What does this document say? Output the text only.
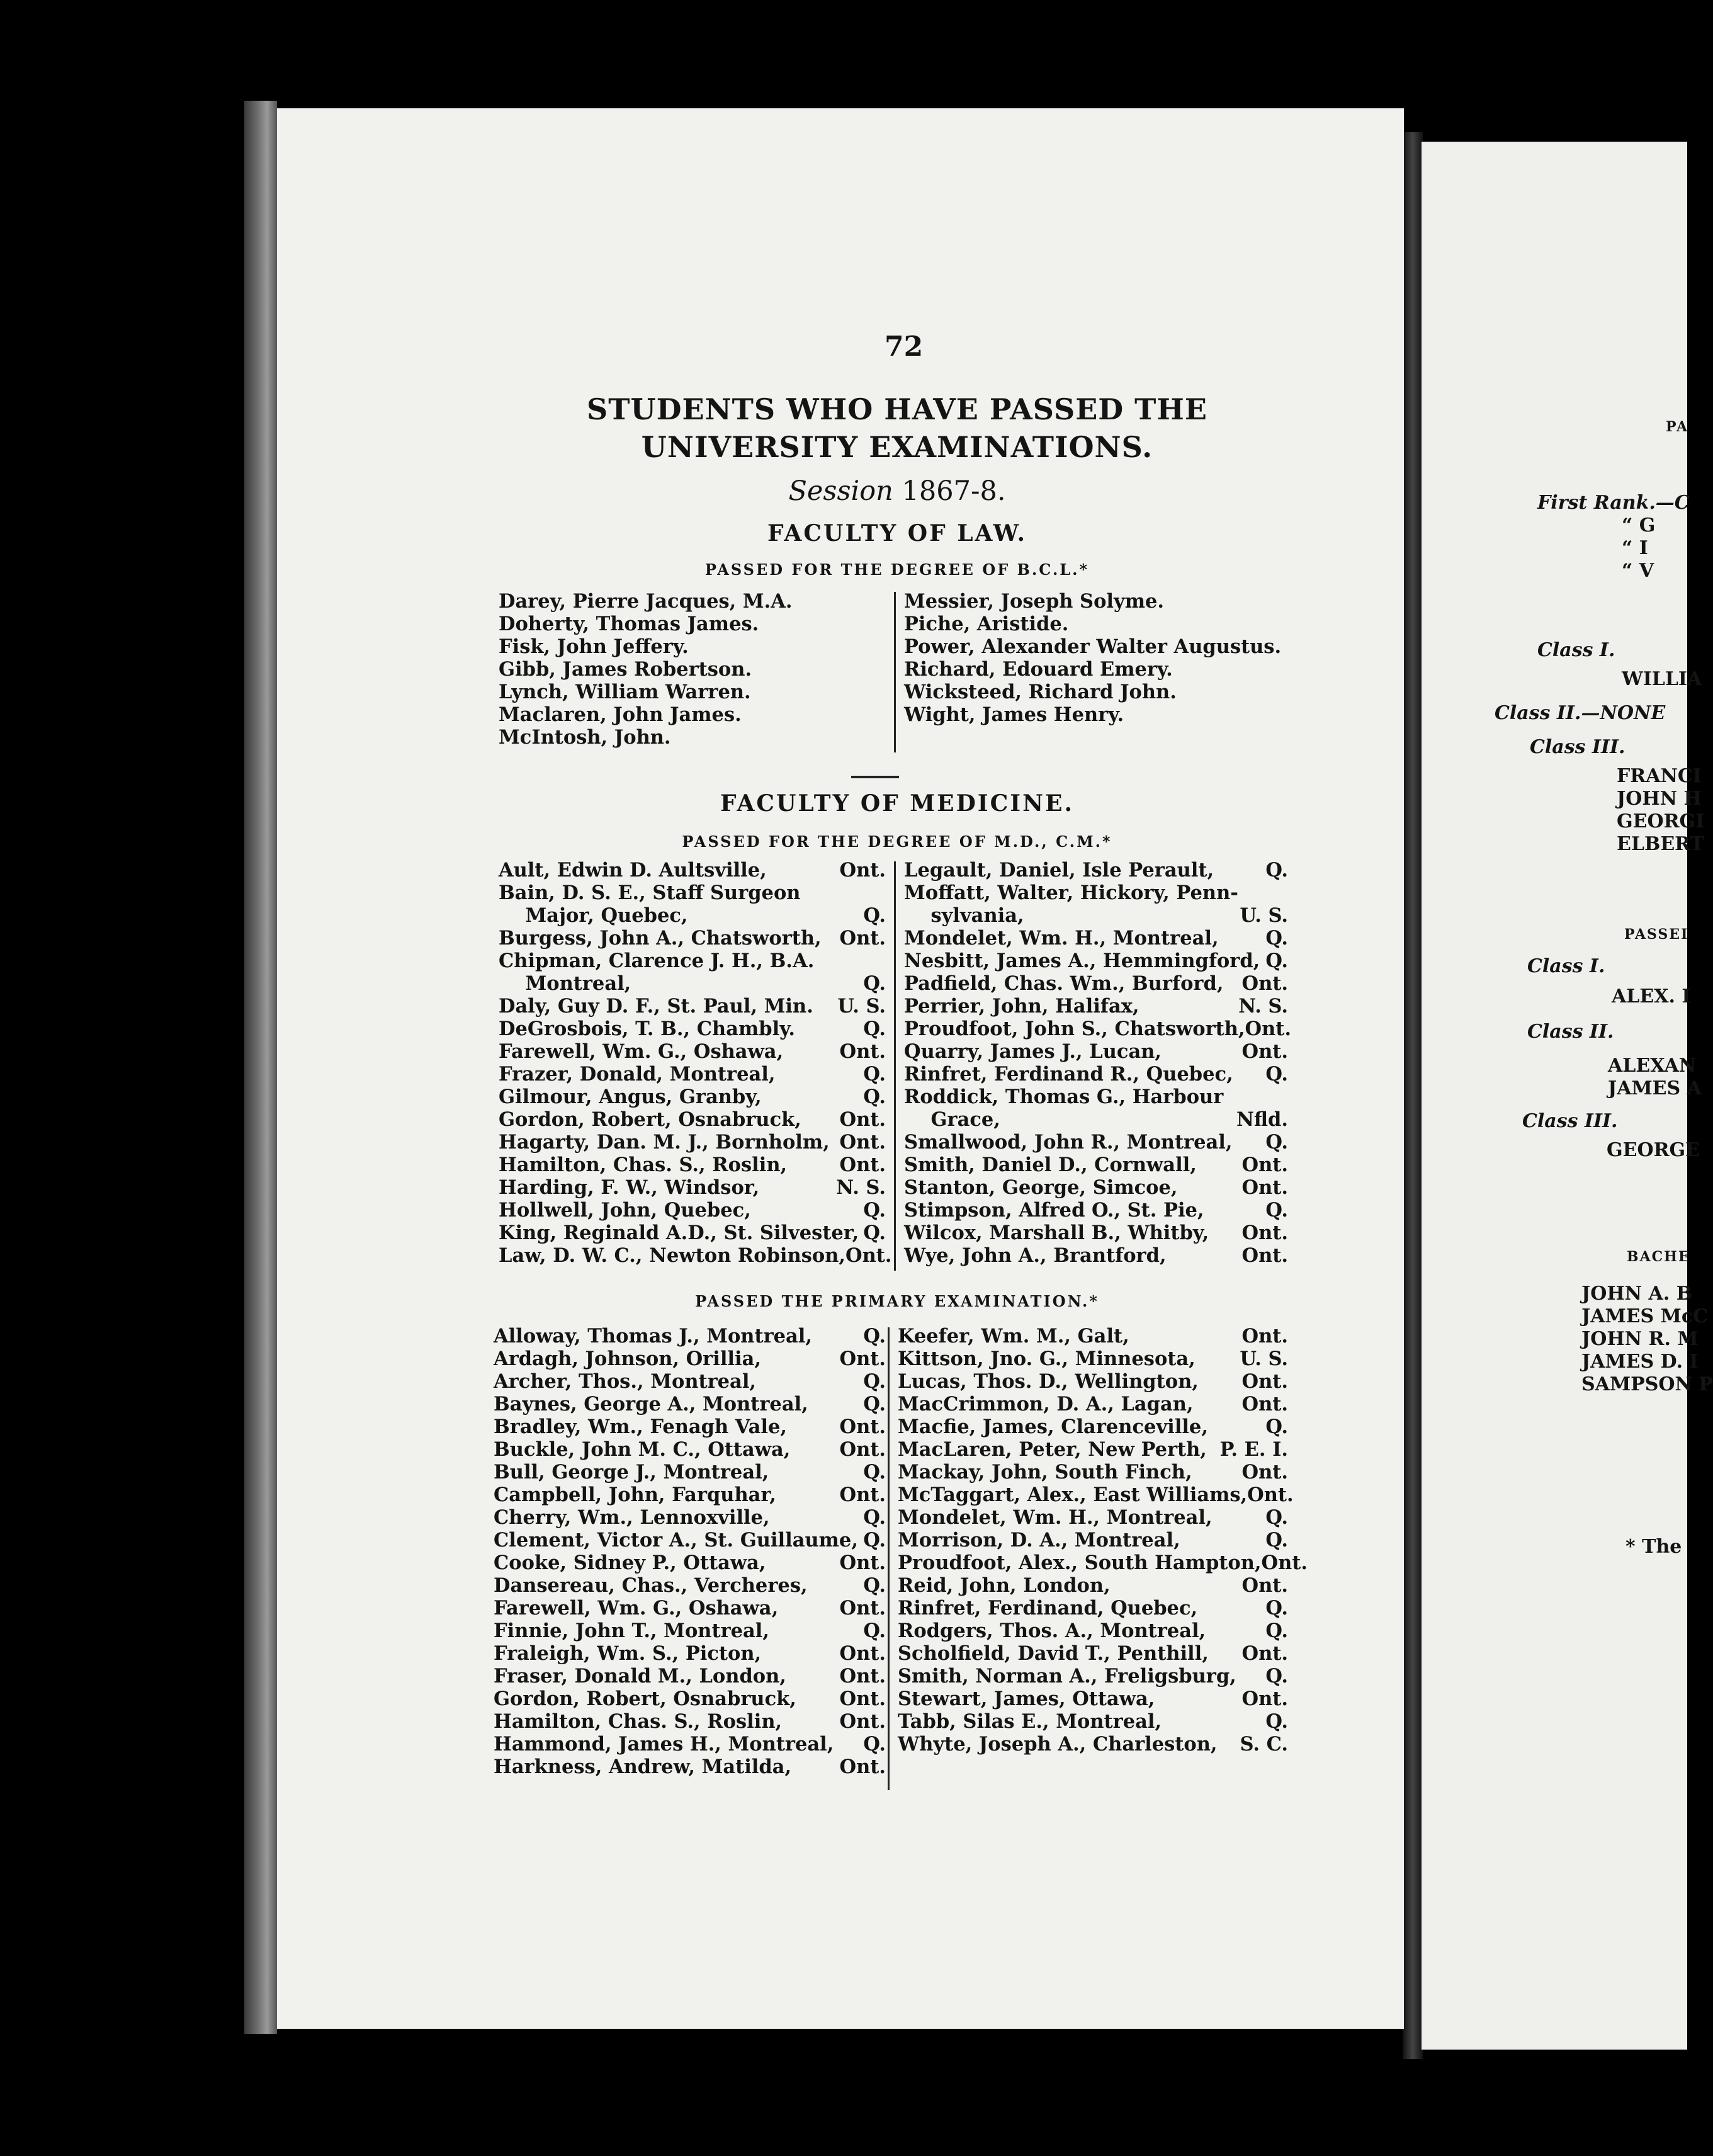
72
STUDENTS WHO HAVE PASSED THE UNIVERSITY EXAMINATIONS.
Session 1867-8.
FACULTY OF LAW.
PASSED FOR THE DEGREE OF B.C.L.*
Darey, Pierre Jacques, M.A.
Doherty, Thomas James.
Fisk, John Jeffery.
Gibb, James Robertson.
Lynch, William Warren.
Maclaren, John James.
McIntosh, John.
Messier, Joseph Solyme.
Piche, Aristide.
Power, Alexander Walter Augustus.
Richard, Edouard Emery.
Wicksteed, Richard John.
Wight, James Henry.
FACULTY OF MEDICINE.
PASSED FOR THE DEGREE OF M.D., C.M.*
Ault, Edwin D. Aultsville,	Ont.
Bain, D. S. E., Staff Surgeon
Major, Quebec,	Q.
Burgess, John A., Chatsworth, Ont.
Chipman, Clarence J. H., B.A.
Montreal,	Q.
Daly, Guy D. F., St. Paul, Min.	U. S.
DeGrosbois, T. B., Chambly.	Q.
Farewell, Wm. G., Oshawa,	Ont.
Frazer, Donald, Montreal,	Q.
Gilmour, Angus, Granby,	Q.
Gordon, Robert, Osnabruck,	Ont.
Hagarty, Dan. M. J., Bornholm, Ont.
Hamilton, Chas. S., Roslin,	Ont.
Harding, F. W., Windsor,	N. S.
Hollwell, John, Quebec,	Q.
King, Reginald A.D., St. Silvester, Q.
Law, D. W. C., Newton Robinson, Ont.
Legault, Daniel, Isle Perault,	Q.
Moffatt, Walter, Hickory, Penn-
sylvania,	U. S.
Mondelet, Wm. H., Montreal,	Q.
Nesbitt, James A., Hemmingford, Q.
Padfield, Chas. Wm., Burford, Ont.
Perrier, John, Halifax,	N. S.
Proudfoot, John S., Chatsworth, Ont.
Quarry, James J., Lucan,	Ont.
Rinfret, Ferdinand R., Quebec,	Q.
Roddick, Thomas G., Harbour
Grace,	Nfld.
Smallwood, John R., Montreal,	Q.
Smith, Daniel D., Cornwall,	Ont.
Stanton, George, Simcoe,	Ont.
Stimpson, Alfred O., St. Pie,	Q.
Wilcox, Marshall B., Whitby,	Ont.
Wye, John A., Brantford,	Ont.
PASSED THE PRIMARY EXAMINATION.*
Alloway, Thomas J., Montreal,	Q.
Ardagh, Johnson, Orillia,	Ont.
Archer, Thos., Montreal,	Q.
Baynes, George A., Montreal,	Q.
Bradley, Wm., Fenagh Vale,	Ont.
Buckle, John M. C., Ottawa,	Ont.
Bull, George J., Montreal,	Q.
Campbell, John, Farquhar,	Ont.
Cherry, Wm., Lennoxville,	Q.
Clement, Victor A., St. Guillaume, Q.
Cooke, Sidney P., Ottawa,	Ont.
Dansereau, Chas., Vercheres,	Q.
Farewell, Wm. G., Oshawa,	Ont.
Finnie, John T., Montreal,	Q.
Fraleigh, Wm. S., Picton,	Ont.
Fraser, Donald M., London,	Ont.
Gordon, Robert, Osnabruck,	Ont.
Hamilton, Chas. S., Roslin,	Ont.
Hammond, James H., Montreal,	Q.
Harkness, Andrew, Matilda,	Ont.
Keefer, Wm. M., Galt,	Ont.
Kittson, Jno. G., Minnesota,	U. S.
Lucas, Thos. D., Wellington,	Ont.
MacCrimmon, D. A., Lagan,	Ont.
Macfie, James, Clarenceville,	Q.
MacLaren, Peter, New Perth, P. E. I.
Mackay, John, South Finch,	Ont.
McTaggart, Alex., East Williams, Ont.
Mondelet, Wm. H., Montreal,	Q.
Morrison, D. A., Montreal,	Q.
Proudfoot, Alex., South Hampton, Ont.
Reid, John, London,	Ont.
Rinfret, Ferdinand, Quebec,	Q.
Rodgers, Thos. A., Montreal,	Q.
Scholfield, David T., Penthill,	Ont.
Smith, Norman A., Freligsburg,	Q.
Stewart, James, Ottawa,	Ont.
Tabb, Silas E., Montreal,	Q.
Whyte, Joseph A., Charleston,	S. C.
PA
First Rank.—C
“ G
“ I
“ V
Class I.
WILLIA
Class II.—NONE
Class III.
FRANCI
JOHN H
GEORGI
ELBERT
PASSEI
Class I.
ALEX. I
Class II.
ALEXAN
JAMES A
Class III.
GEORGE
BACHE
JOHN A. B
JAMES McC
JOHN R. M
JAMES D. I
SAMPSON P
* The
